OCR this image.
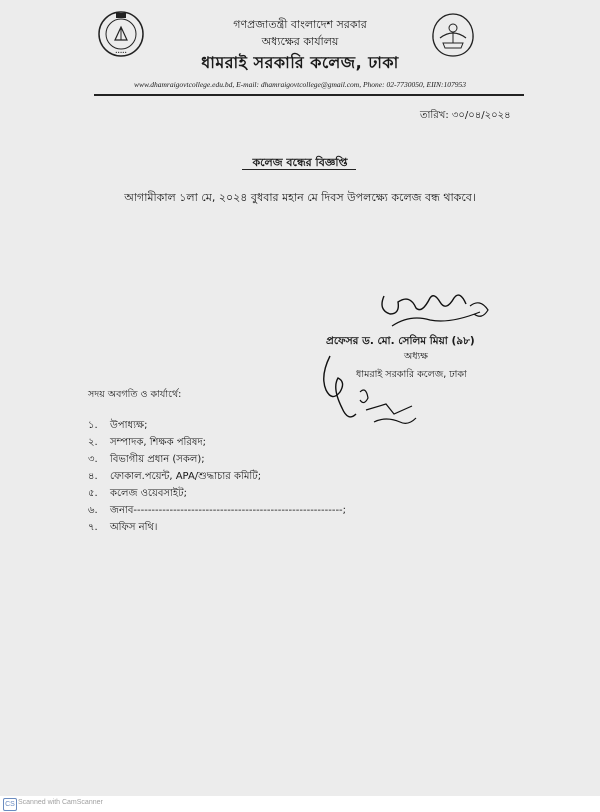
•••••
গণপ্রজাতন্ত্রী বাংলাদেশ সরকার
অধ্যক্ষের কার্যালয়
ধামরাই সরকারি কলেজ, ঢাকা
www.dhamraigovtcollege.edu.bd, E-mail: dhamraigovtcollege@gmail.com, Phone: 02-7730050, EIIN:107953
তারিখ: ৩০/০৪/২০২৪
কলেজ বন্ধের বিজ্ঞপ্তি
আগামীকাল ১লা মে, ২০২৪ বুধবার মহান মে দিবস উপলক্ষ্যে কলেজ বন্ধ থাকবে।
প্রফেসর ড. মো. সেলিম মিয়া (৯৮)
অধ্যক্ষ
ধামরাই সরকারি কলেজ, ঢাকা
সদয় অবগতি ও কার্যার্থে:
১. উপাধ্যক্ষ;
২. সম্পাদক, শিক্ষক পরিষদ;
৩. বিভাগীয় প্রধান (সকল);
৪. ফোকাল.পয়েন্ট, APA/শুদ্ধাচার কমিটি;
৫. কলেজ ওয়েবসাইট;
৬. জনাব----------------------------------------------------------;
৭. অফিস নথি।
CS Scanned with CamScanner
